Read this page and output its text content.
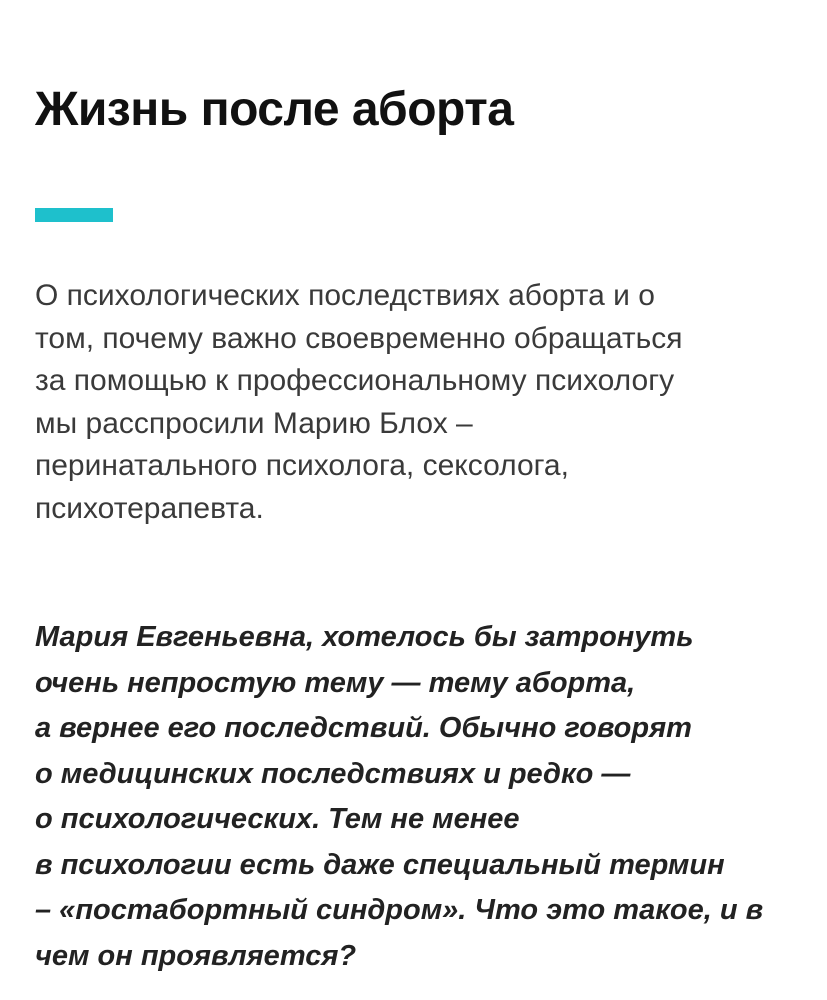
Жизнь после аборта

О психологических последствиях аборта и о
том, почему важно своевременно обращаться
за помощью к профессиональному психологу
мы расспросили Марию Блох –
перинатального психолога, сексолога,
психотерапевта.

Мария Евгеньевна, хотелось бы затронуть
очень непростую тему — тему аборта,
а вернее его последствий. Обычно говорят
о медицинских последствиях и редко —
о психологических. Тем не менее
в психологии есть даже специальный термин
– «постабортный синдром». Что это такое, и в
чем он проявляется?
